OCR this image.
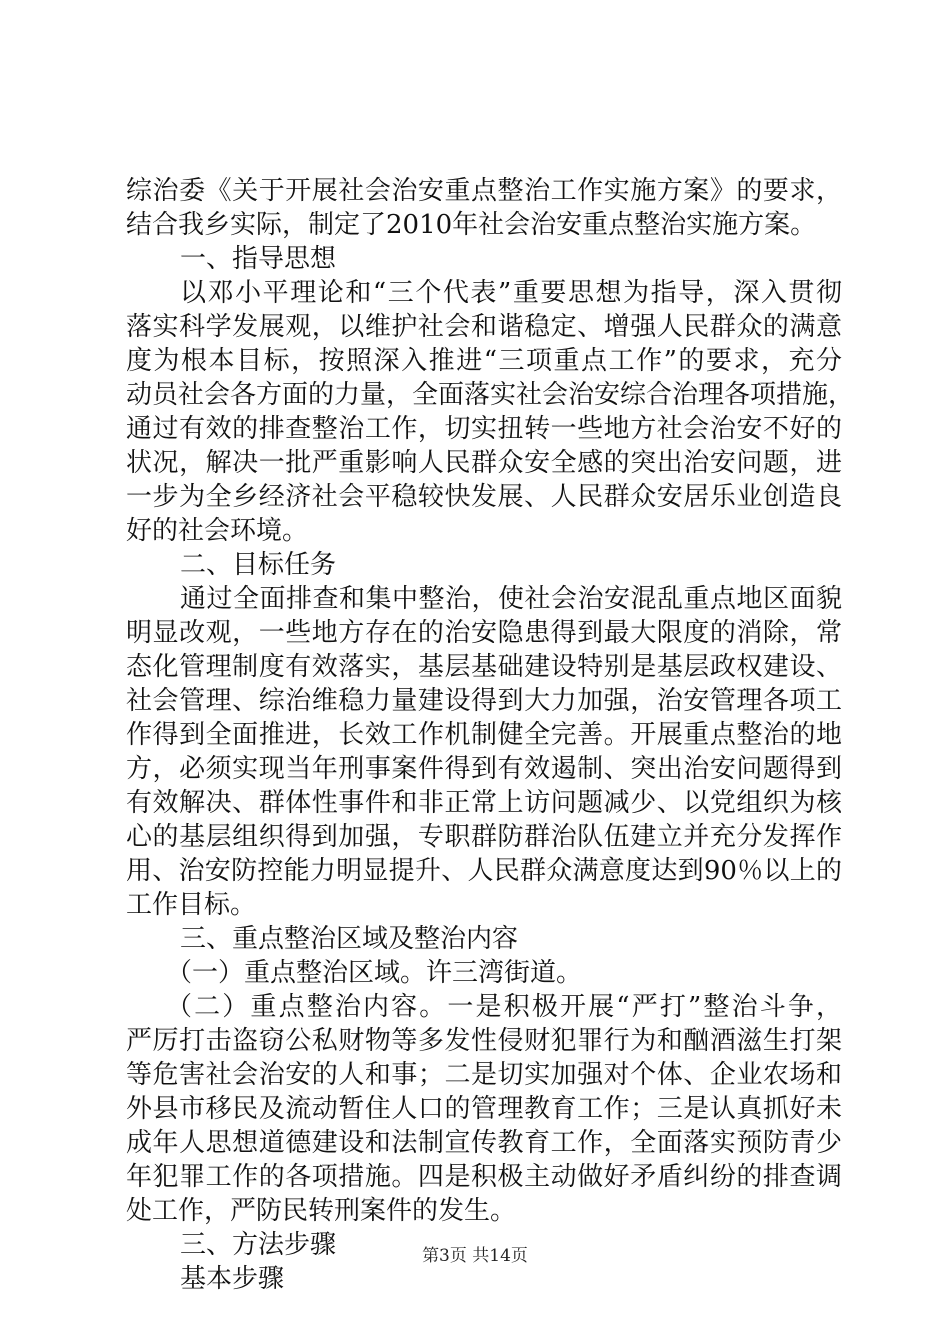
综治委《关于开展社会治安重点整治工作实施方案》的要求，
结合我乡实际，制定了2010年社会治安重点整治实施方案。
一、指导思想
以邓小平理论和“三个代表”重要思想为指导，深入贯彻
落实科学发展观，以维护社会和谐稳定、增强人民群众的满意
度为根本目标，按照深入推进“三项重点工作”的要求，充分
动员社会各方面的力量，全面落实社会治安综合治理各项措施，
通过有效的排查整治工作，切实扭转一些地方社会治安不好的
状况，解决一批严重影响人民群众安全感的突出治安问题，进
一步为全乡经济社会平稳较快发展、人民群众安居乐业创造良
好的社会环境。
二、目标任务
通过全面排查和集中整治，使社会治安混乱重点地区面貌
明显改观，一些地方存在的治安隐患得到最大限度的消除，常
态化管理制度有效落实，基层基础建设特别是基层政权建设、
社会管理、综治维稳力量建设得到大力加强，治安管理各项工
作得到全面推进，长效工作机制健全完善。开展重点整治的地
方，必须实现当年刑事案件得到有效遏制、突出治安问题得到
有效解决、群体性事件和非正常上访问题减少、以党组织为核
心的基层组织得到加强，专职群防群治队伍建立并充分发挥作
用、治安防控能力明显提升、人民群众满意度达到90％以上的
工作目标。
三、重点整治区域及整治内容
（一）重点整治区域。许三湾街道。
（二）重点整治内容。一是积极开展“严打”整治斗争，
严厉打击盗窃公私财物等多发性侵财犯罪行为和酗酒滋生打架
等危害社会治安的人和事；二是切实加强对个体、企业农场和
外县市移民及流动暂住人口的管理教育工作；三是认真抓好未
成年人思想道德建设和法制宣传教育工作，全面落实预防青少
年犯罪工作的各项措施。四是积极主动做好矛盾纠纷的排查调
处工作，严防民转刑案件的发生。
三、方法步骤
基本步骤
第3页 共14页
